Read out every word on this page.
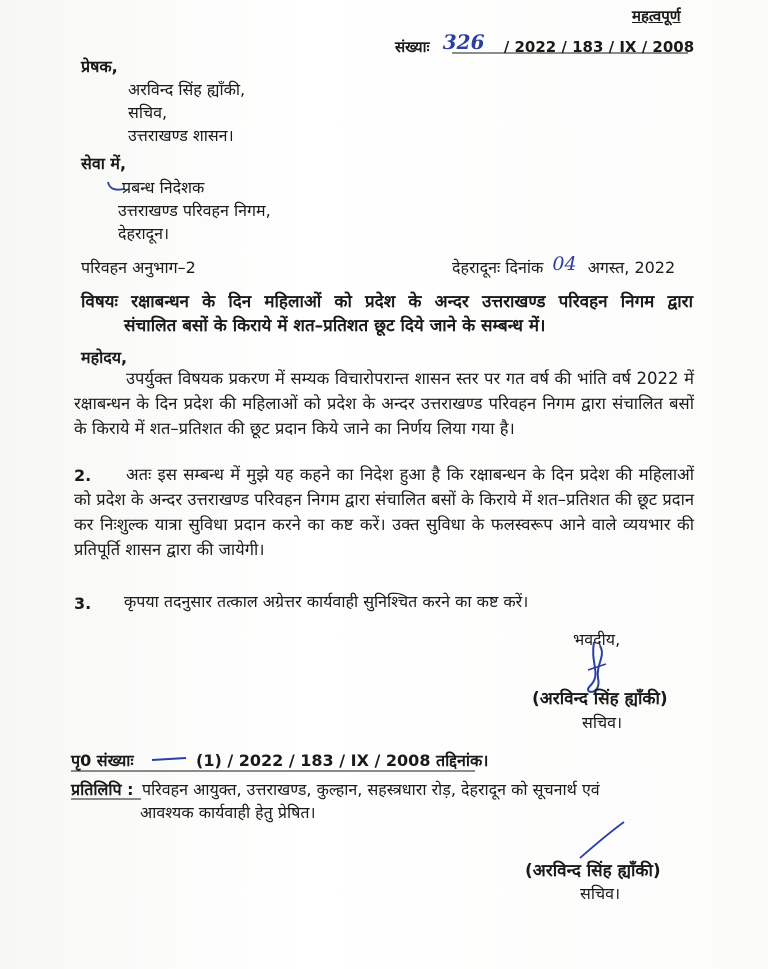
महत्वपूर्ण
संख्याः 326 / 2022 / 183 / IX / 2008
प्रेषक,
अरविन्द सिंह ह्याँकी,
सचिव,
उत्तराखण्ड शासन।
सेवा में,
प्रबन्ध निदेशक
उत्तराखण्ड परिवहन निगम,
देहरादून।
परिवहन अनुभाग–2	देहरादूनः दिनांक 04 अगस्त, 2022
विषयः रक्षाबन्धन के दिन महिलाओं को प्रदेश के अन्दर उत्तराखण्ड परिवहन निगम द्वारा
संचालित बसों के किराये में शत–प्रतिशत छूट दिये जाने के सम्बन्ध में।
महोदय,
उपर्युक्त विषयक प्रकरण में सम्यक विचारोपरान्त शासन स्तर पर गत वर्ष की भांति वर्ष 2022 में रक्षाबन्धन के दिन प्रदेश की महिलाओं को प्रदेश के अन्दर उत्तराखण्ड परिवहन निगम द्वारा संचालित बसों के किराये में शत–प्रतिशत की छूट प्रदान किये जाने का निर्णय लिया गया है।
2.	अतः इस सम्बन्ध में मुझे यह कहने का निदेश हुआ है कि रक्षाबन्धन के दिन प्रदेश की महिलाओं को प्रदेश के अन्दर उत्तराखण्ड परिवहन निगम द्वारा संचालित बसों के किराये में शत–प्रतिशत की छूट प्रदान कर निःशुल्क यात्रा सुविधा प्रदान करने का कष्ट करें। उक्त सुविधा के फलस्वरूप आने वाले व्ययभार की प्रतिपूर्ति शासन द्वारा की जायेगी।
3. कृपया तदनुसार तत्काल अग्रेत्तर कार्यवाही सुनिश्चित करने का कष्ट करें।
भवदीय,
(अरविन्द सिंह ह्याँकी)
सचिव।
पृ0 संख्याः	(1) / 2022 / 183 / IX / 2008 तद्दिनांक।
प्रतिलिपि : परिवहन आयुक्त, उत्तराखण्ड, कुल्हान, सहस्त्रधारा रोड़, देहरादून को सूचनार्थ एवं
आवश्यक कार्यवाही हेतु प्रेषित।
(अरविन्द सिंह ह्याँकी)
सचिव।
